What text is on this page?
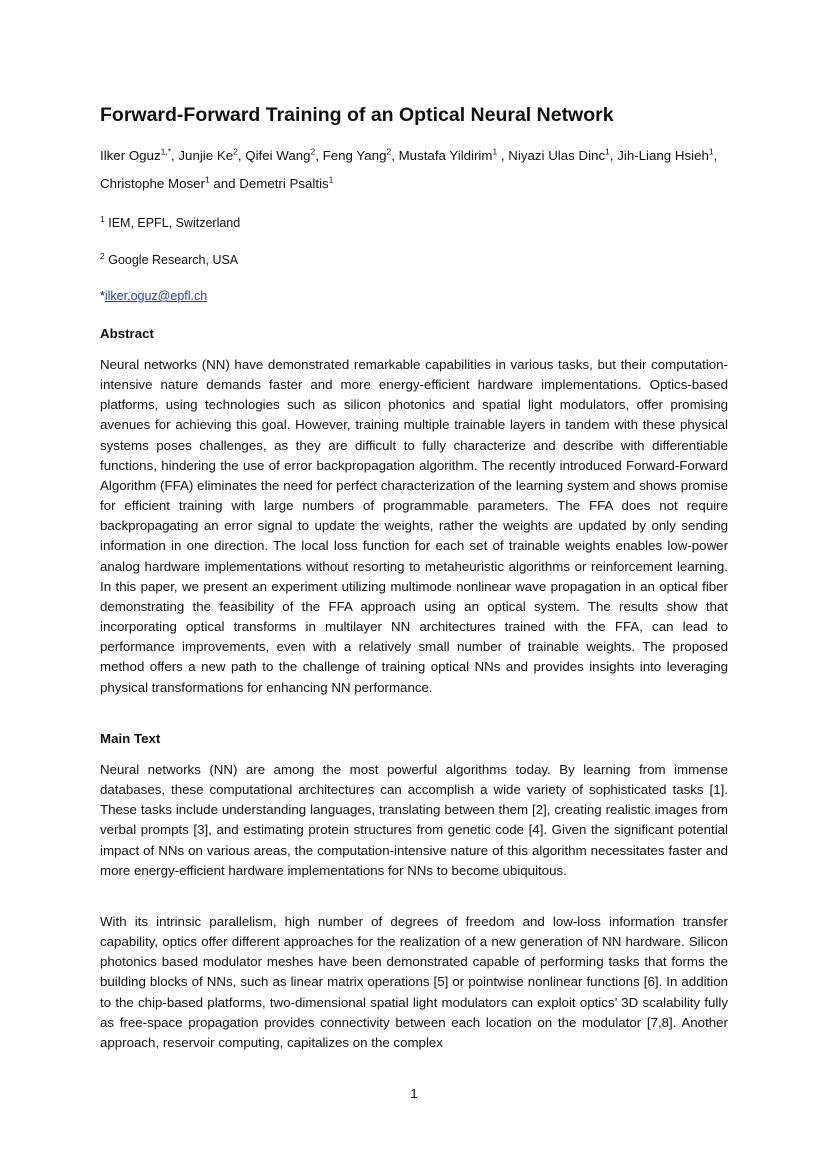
Forward-Forward Training of an Optical Neural Network

Ilker Oguz$^{1,*}$, Junjie Ke$^2$, Qifei Wang$^2$, Feng Yang$^2$, Mustafa Yildirim$^1$ , Niyazi Ulas Dinc$^1$, Jih-Liang Hsieh$^1$, Christophe Moser$^1$ and Demetri Psaltis$^1$

$^1$ IEM, EPFL, Switzerland

$^2$ Google Research, USA

*ilker.oguz@epfl.ch

Abstract

Neural networks (NN) have demonstrated remarkable capabilities in various tasks, but their computation-intensive nature demands faster and more energy-efficient hardware implementations. Optics-based platforms, using technologies such as silicon photonics and spatial light modulators, offer promising avenues for achieving this goal. However, training multiple trainable layers in tandem with these physical systems poses challenges, as they are difficult to fully characterize and describe with differentiable functions, hindering the use of error backpropagation algorithm. The recently introduced Forward-Forward Algorithm (FFA) eliminates the need for perfect characterization of the learning system and shows promise for efficient training with large numbers of programmable parameters. The FFA does not require backpropagating an error signal to update the weights, rather the weights are updated by only sending information in one direction. The local loss function for each set of trainable weights enables low-power analog hardware implementations without resorting to metaheuristic algorithms or reinforcement learning. In this paper, we present an experiment utilizing multimode nonlinear wave propagation in an optical fiber demonstrating the feasibility of the FFA approach using an optical system. The results show that incorporating optical transforms in multilayer NN architectures trained with the FFA, can lead to performance improvements, even with a relatively small number of trainable weights. The proposed method offers a new path to the challenge of training optical NNs and provides insights into leveraging physical transformations for enhancing NN performance.

Main Text

Neural networks (NN) are among the most powerful algorithms today. By learning from immense databases, these computational architectures can accomplish a wide variety of sophisticated tasks [1]. These tasks include understanding languages, translating between them [2], creating realistic images from verbal prompts [3], and estimating protein structures from genetic code [4]. Given the significant potential impact of NNs on various areas, the computation-intensive nature of this algorithm necessitates faster and more energy-efficient hardware implementations for NNs to become ubiquitous.

With its intrinsic parallelism, high number of degrees of freedom and low-loss information transfer capability, optics offer different approaches for the realization of a new generation of NN hardware. Silicon photonics based modulator meshes have been demonstrated capable of performing tasks that forms the building blocks of NNs, such as linear matrix operations [5] or pointwise nonlinear functions [6]. In addition to the chip-based platforms, two-dimensional spatial light modulators can exploit optics’ 3D scalability fully as free-space propagation provides connectivity between each location on the modulator [7,8]. Another approach, reservoir computing, capitalizes on the complex

1
